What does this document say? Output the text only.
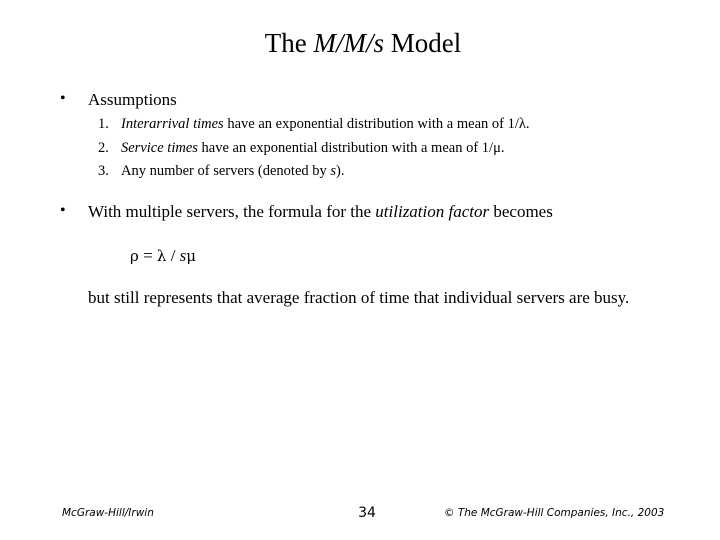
The M/M/s Model
• Assumptions
1. Interarrival times have an exponential distribution with a mean of 1/λ.
2. Service times have an exponential distribution with a mean of 1/μ.
3. Any number of servers (denoted by s).
• With multiple servers, the formula for the utilization factor becomes
ρ = λ / sμ
but still represents that average fraction of time that individual servers are busy.
McGraw-Hill/Irwin	34	© The McGraw-Hill Companies, Inc., 2003
